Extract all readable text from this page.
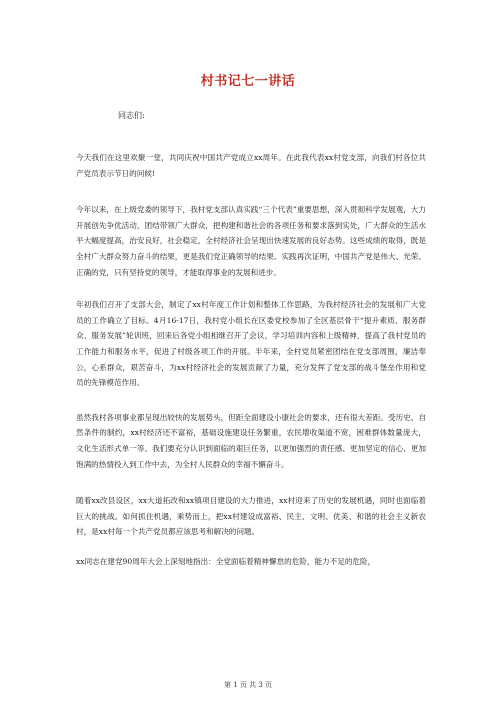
村书记七一讲话
同志们:

今天我们在这里欢聚一堂，共同庆祝中国共产党成立xx周年。在此我代表xx村党支部，向我们村各位共产党员表示节日的问候!

今年以来，在上级党委的领导下，我村党支部认真实践“三个代表”重要思想，深入贯彻科学发展观，大力开展创先争优活动，团结带领广大群众，把构建和谐社会的各项任务和要求落到实处，广大群众的生活水平大幅度提高，治安良好，社会稳定，全村经济社会呈现出快速发展的良好态势。这些成绩的取得，既是全村广大群众努力奋斗的结果，更是我们党正确领导的结果。实践再次证明，中国共产党是伟大、光荣、正确的党，只有坚持党的领导，才能取得事业的发展和进步。

年初我们召开了支部大会，制定了xx村年度工作计划和整体工作思路，为我村经济社会的发展和广大党员的工作确立了目标。4月16-17日，我村党小组长在区委党校参加了全区基层骨干“提升素质、服务群众、服务发展”轮训班，回来后各党小组相继召开了会议，学习培训内容和上级精神，提高了我村党员的工作能力和服务水平，促进了村级各项工作的开展。半年来，全村党员紧密团结在党支部周围，廉洁奉公，心系群众，艰苦奋斗，为xx村经济社会的发展贡献了力量，充分发挥了党支部的战斗堡垒作用和党员的先锋模范作用。

虽然我村各项事业都呈现出较快的发展势头，但距全面建设小康社会的要求，还有很大差距。受历史、自然条件的制约，xx村经济还不富裕，基础设施建设任务繁重，农民增收渠道不宽，困难群体数量庞大，文化生活形式单一等。我们要充分认识到面临的艰巨任务，以更加强烈的责任感、更加坚定的信心、更加饱满的热情投入到工作中去，为全村人民群众的幸福不懈奋斗。

随着xx改县设区，xx大道拓改和xx镇项目建设的大力推进，xx村迎来了历史的发展机遇，同时也面临着巨大的挑战。如何抓住机遇，乘势而上，把xx村建设成富裕、民主、文明、优美、和谐的社会主义新农村，是xx村每一个共产党员都应该思考和解决的问题。

xx同志在建党90周年大会上深刻地指出：全党面临着精神懈怠的危险，能力不足的危险，

第 1 页 共 3 页
